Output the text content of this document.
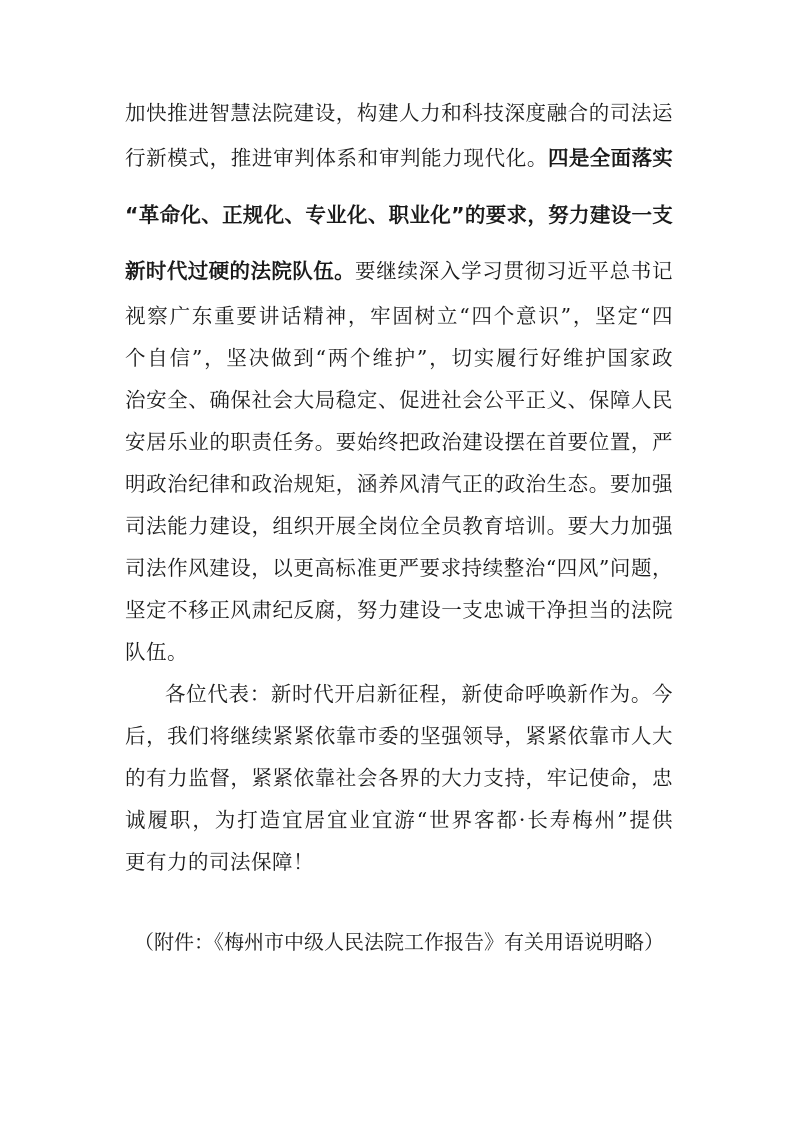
加快推进智慧法院建设，构建人力和科技深度融合的司法运
行新模式，推进审判体系和审判能力现代化。四是全面落实
“革命化、正规化、专业化、职业化”的要求，努力建设一支
新时代过硬的法院队伍。要继续深入学习贯彻习近平总书记
视察广东重要讲话精神，牢固树立“四个意识”，坚定“四
个自信”，坚决做到“两个维护”，切实履行好维护国家政
治安全、确保社会大局稳定、促进社会公平正义、保障人民
安居乐业的职责任务。要始终把政治建设摆在首要位置，严
明政治纪律和政治规矩，涵养风清气正的政治生态。要加强
司法能力建设，组织开展全岗位全员教育培训。要大力加强
司法作风建设，以更高标准更严要求持续整治“四风”问题，
坚定不移正风肃纪反腐，努力建设一支忠诚干净担当的法院
队伍。
各位代表：新时代开启新征程，新使命呼唤新作为。今
后，我们将继续紧紧依靠市委的坚强领导，紧紧依靠市人大
的有力监督，紧紧依靠社会各界的大力支持，牢记使命，忠
诚履职，为打造宜居宜业宜游“世界客都·长寿梅州”提供
更有力的司法保障！
（附件：《梅州市中级人民法院工作报告》有关用语说明略）
